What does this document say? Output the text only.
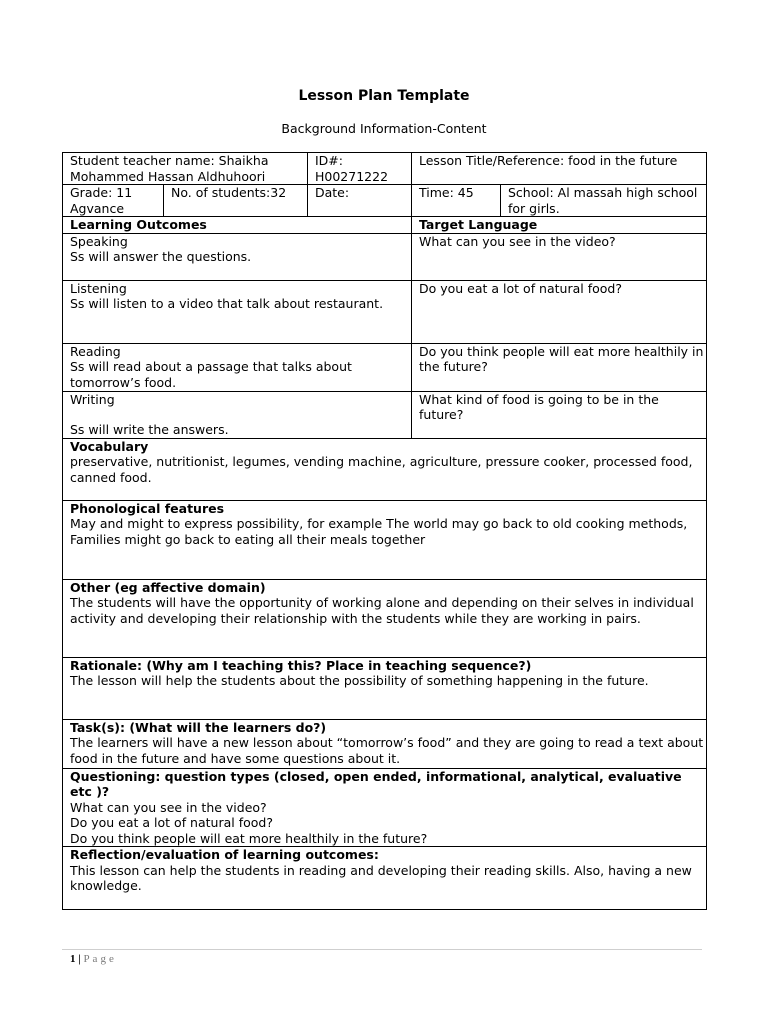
Lesson Plan Template
Background Information-Content
Student teacher name: Shaikha Mohammed Hassan Aldhuhoori		ID#: H00271222	Lesson Title/Reference: food in the future	
Grade: 11 Agvance	No. of students:32	Date:	Time: 45	School: Al massah high school for girls.
Learning Outcomes			Target Language	

Speaking
Ss will answer the questions.			What can you see in the video?	

Listening
Ss will listen to a video that talk about restaurant.			Do you eat a lot of natural food?	

Reading
Ss will read about a passage that talks about tomorrow’s food.			Do you think people will eat more healthily in the future?	

Writing
Ss will write the answers.			What kind of food is going to be in the future?	

Vocabulary
preservative, nutritionist, legumes, vending machine, agriculture, pressure cooker, processed food, canned food.				

Phonological features
May and might to express possibility, for example The world may go back to old cooking methods, Families might go back to eating all their meals together				

Other (eg affective domain)
The students will have the opportunity of working alone and depending on their selves in individual activity and developing their relationship with the students while they are working in pairs.				

Rationale: (Why am I teaching this? Place in teaching sequence?)
The lesson will help the students about the possibility of something happening in the future.				

Task(s): (What will the learners do?)
The learners will have a new lesson about “tomorrow’s food” and they are going to read a text about food in the future and have some questions about it.				

Questioning: question types (closed, open ended, informational, analytical, evaluative etc )?
What can you see in the video?
Do you eat a lot of natural food?
Do you think people will eat more healthily in the future?				

Reflection/evaluation of learning outcomes:
This lesson can help the students in reading and developing their reading skills. Also, having a new knowledge.				
1 | Page
